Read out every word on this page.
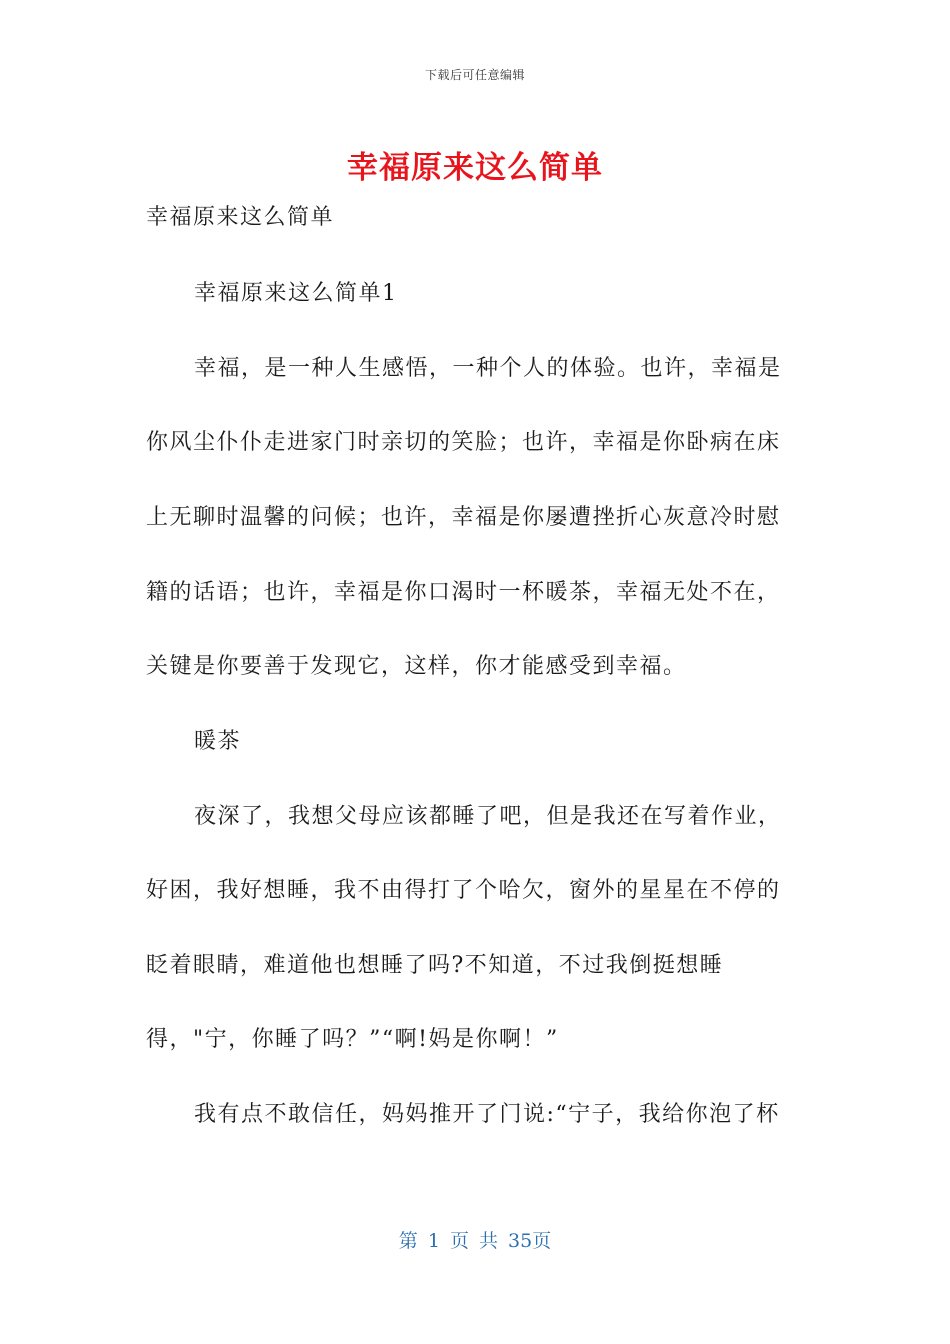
下载后可任意编辑
幸福原来这么简单
幸福原来这么简单
幸福原来这么简单1
幸福，是一种人生感悟，一种个人的体验。也许，幸福是
你风尘仆仆走进家门时亲切的笑脸；也许，幸福是你卧病在床
上无聊时温馨的问候；也许，幸福是你屡遭挫折心灰意冷时慰
籍的话语；也许，幸福是你口渴时一杯暖茶，幸福无处不在，
关键是你要善于发现它，这样，你才能感受到幸福。
暖茶
夜深了，我想父母应该都睡了吧，但是我还在写着作业，
好困，我好想睡，我不由得打了个哈欠，窗外的星星在不停的
眨着眼睛，难道他也想睡了吗?不知道，不过我倒挺想睡
得，"宁，你睡了吗？”“啊!妈是你啊！”
我有点不敢信任，妈妈推开了门说:“宁子，我给你泡了杯
第 1 页 共 35页
